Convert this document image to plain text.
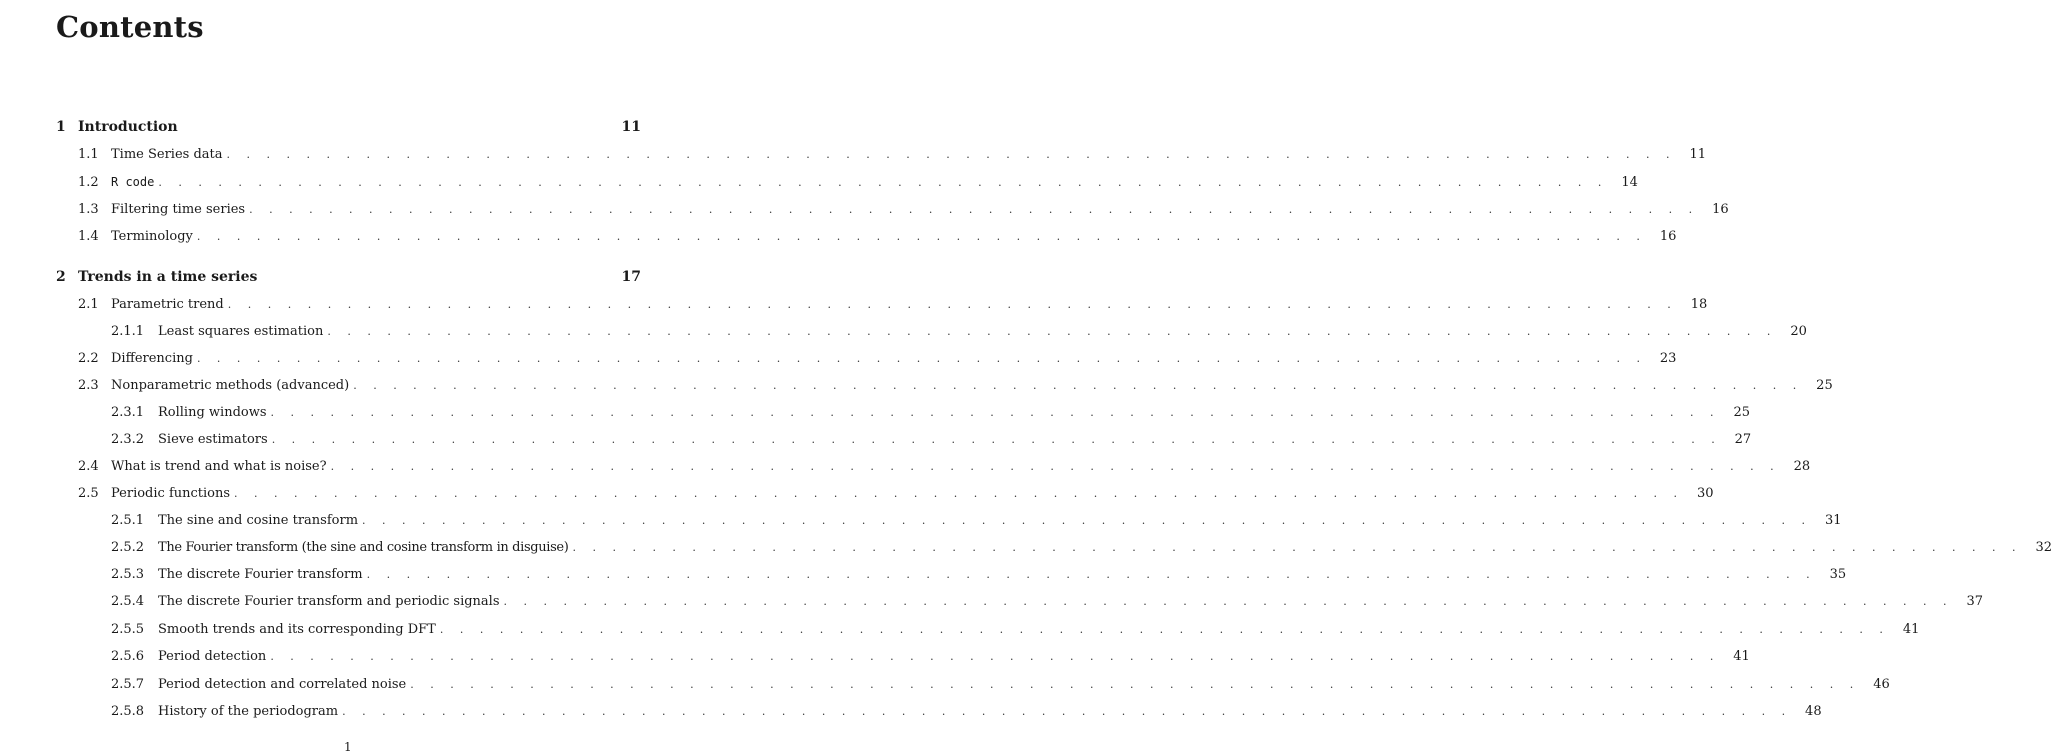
Contents
1 Introduction	11
1.1 Time Series data . . . . . . . . . . . . . . . . . . . . . . . . . . . . . . . . . . . . . . . . . . . . . . . . . . . . . . . . . . . . . . . . . . . . . . . . .	11
1.2	R code . . . . . . . . . . . . . . . . . . . . . . . . . . . . . . . . . . . . . . . . . . . . . . . . . . . . . . . . . . . . . . . . . . . . . . . . .	14
1.3 Filtering time series . . . . . . . . . . . . . . . . . . . . . . . . . . . . . . . . . . . . . . . . . . . . . . . . . . . . . . . . . . . . . . . . . . . . . . . . .	16
1.4 Terminology . . . . . . . . . . . . . . . . . . . . . . . . . . . . . . . . . . . . . . . . . . . . . . . . . . . . . . . . . . . . . . . . . . . . . . . . .	16
2 Trends in a time series	17
2.1 Parametric trend . . . . . . . . . . . . . . . . . . . . . . . . . . . . . . . . . . . . . . . . . . . . . . . . . . . . . . . . . . . . . . . . . . . . . . . . .	18
2.1.1	Least squares estimation . . . . . . . . . . . . . . . . . . . . . . . . . . . . . . . . . . . . . . . . . . . . . . . . . . . . . . . . . . . . . . . . . . . . . . . . .	20
2.2 Differencing . . . . . . . . . . . . . . . . . . . . . . . . . . . . . . . . . . . . . . . . . . . . . . . . . . . . . . . . . . . . . . . . . . . . . . . . .	23
2.3 Nonparametric methods (advanced) . . . . . . . . . . . . . . . . . . . . . . . . . . . . . . . . . . . . . . . . . . . . . . . . . . . . . . . . . . . . . . . . . . . . . . . . .	25
2.3.1	Rolling windows . . . . . . . . . . . . . . . . . . . . . . . . . . . . . . . . . . . . . . . . . . . . . . . . . . . . . . . . . . . . . . . . . . . . . . . . .	25
2.3.2	Sieve estimators . . . . . . . . . . . . . . . . . . . . . . . . . . . . . . . . . . . . . . . . . . . . . . . . . . . . . . . . . . . . . . . . . . . . . . . . .	27
2.4 What is trend and what is noise? . . . . . . . . . . . . . . . . . . . . . . . . . . . . . . . . . . . . . . . . . . . . . . . . . . . . . . . . . . . . . . . . . . . . . . . . .	28
2.5 Periodic functions . . . . . . . . . . . . . . . . . . . . . . . . . . . . . . . . . . . . . . . . . . . . . . . . . . . . . . . . . . . . . . . . . . . . . . . . .	30
2.5.1	The sine and cosine transform . . . . . . . . . . . . . . . . . . . . . . . . . . . . . . . . . . . . . . . . . . . . . . . . . . . . . . . . . . . . . . . . . . . . . . . . .	31
2.5.2	The Fourier transform (the sine and cosine transform in disguise) . . . . . . . . . . . . . . . . . . . . . . . . . . . . . . . . . . . . . . . . . . . . . . . . . . . . . . . . . . . . . . . . . . . . . . . . .	32
2.5.3	The discrete Fourier transform . . . . . . . . . . . . . . . . . . . . . . . . . . . . . . . . . . . . . . . . . . . . . . . . . . . . . . . . . . . . . . . . . . . . . . . . .	35
2.5.4	The discrete Fourier transform and periodic signals . . . . . . . . . . . . . . . . . . . . . . . . . . . . . . . . . . . . . . . . . . . . . . . . . . . . . . . . . . . . . . . . . . . . . . . . .	37
2.5.5	Smooth trends and its corresponding DFT . . . . . . . . . . . . . . . . . . . . . . . . . . . . . . . . . . . . . . . . . . . . . . . . . . . . . . . . . . . . . . . . . . . . . . . . .	41
2.5.6	Period detection . . . . . . . . . . . . . . . . . . . . . . . . . . . . . . . . . . . . . . . . . . . . . . . . . . . . . . . . . . . . . . . . . . . . . . . . .	41
2.5.7	Period detection and correlated noise . . . . . . . . . . . . . . . . . . . . . . . . . . . . . . . . . . . . . . . . . . . . . . . . . . . . . . . . . . . . . . . . . . . . . . . . .	46
2.5.8	History of the periodogram . . . . . . . . . . . . . . . . . . . . . . . . . . . . . . . . . . . . . . . . . . . . . . . . . . . . . . . . . . . . . . . . . . . . . . . . .	48
1
